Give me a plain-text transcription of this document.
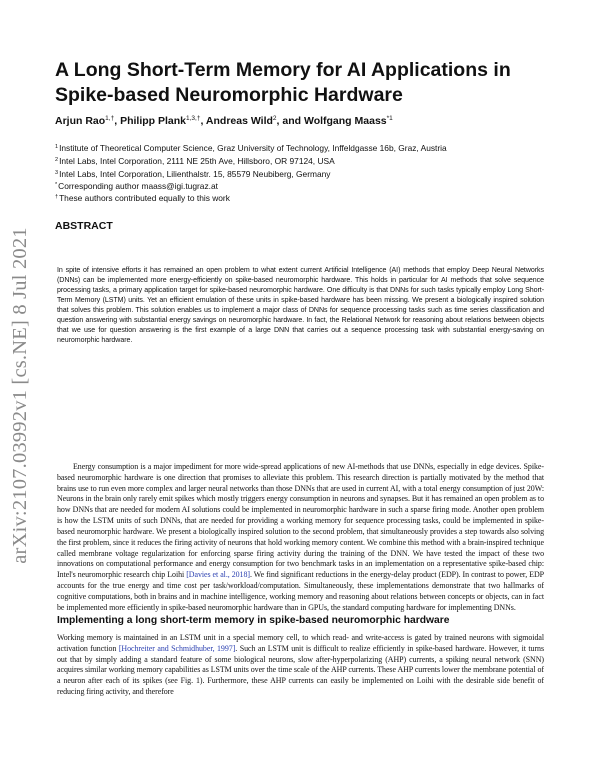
arXiv:2107.03992v1 [cs.NE] 8 Jul 2021
A Long Short-Term Memory for AI Applications in Spike-based Neuromorphic Hardware
Arjun Rao$^{1,\dagger}$, Philipp Plank$^{1,3,\dagger}$, Andreas Wild$^2$, and Wolfgang Maass$^{*1}$
$^1$Institute of Theoretical Computer Science, Graz University of Technology, Inffeldgasse 16b, Graz, Austria
$^2$Intel Labs, Intel Corporation, 2111 NE 25th Ave, Hillsboro, OR 97124, USA
$^3$Intel Labs, Intel Corporation, Lilienthalstr. 15, 85579 Neubiberg, Germany
*Corresponding author maass@igi.tugraz.at
†These authors contributed equally to this work
ABSTRACT

In spite of intensive efforts it has remained an open problem to what extent current Artificial Intelligence (AI) methods that employ Deep Neural Networks (DNNs) can be implemented more energy-efficiently on spike-based neuromorphic hardware. This holds in particular for AI methods that solve sequence processing tasks, a primary application target for spike-based neuromorphic hardware. One difficulty is that DNNs for such tasks typically employ Long Short-Term Memory (LSTM) units. Yet an efficient emulation of these units in spike-based hardware has been missing. We present a biologically inspired solution that solves this problem. This solution enables us to implement a major class of DNNs for sequence processing tasks such as time series classification and question answering with substantial energy savings on neuromorphic hardware. In fact, the Relational Network for reasoning about relations between objects that we use for question answering is the first example of a large DNN that carries out a sequence processing task with substantial energy-saving on neuromorphic hardware.

Energy consumption is a major impediment for more wide-spread applications of new AI-methods that use DNNs, especially in edge devices. Spike-based neuromorphic hardware is one direction that promises to alleviate this problem. This research direction is partially motivated by the method that brains use to run even more complex and larger neural networks than those DNNs that are used in current AI, with a total energy consumption of just 20W: Neurons in the brain only rarely emit spikes which mostly triggers energy consumption in neurons and synapses. But it has remained an open problem as to how DNNs that are needed for modern AI solutions could be implemented in neuromorphic hardware in such a sparse firing mode. Another open problem is how the LSTM units of such DNNs, that are needed for providing a working memory for sequence processing tasks, could be implemented in spike-based neuromorphic hardware. We present a biologically inspired solution to the second problem, that simultaneously provides a step towards also solving the first problem, since it reduces the firing activity of neurons that hold working memory content. We combine this method with a brain-inspired technique called membrane voltage regularization for enforcing sparse firing activity during the training of the DNN. We have tested the impact of these two innovations on computational performance and energy consumption for two benchmark tasks in an implementation on a representative spike-based chip: Intel's neuromorphic research chip Loihi [Davies et al., 2018]. We find significant reductions in the energy-delay product (EDP). In contrast to power, EDP accounts for the true energy and time cost per task/workload/computation. Simultaneously, these implementations demonstrate that two hallmarks of cognitive computations, both in brains and in machine intelligence, working memory and reasoning about relations between concepts or objects, can in fact be implemented more efficiently in spike-based neuromorphic hardware than in GPUs, the standard computing hardware for implementing DNNs.

Implementing a long short-term memory in spike-based neuromorphic hardware

Working memory is maintained in an LSTM unit in a special memory cell, to which read- and write-access is gated by trained neurons with sigmoidal activation function [Hochreiter and Schmidhuber, 1997]. Such an LSTM unit is difficult to realize efficiently in spike-based hardware. However, it turns out that by simply adding a standard feature of some biological neurons, slow after-hyperpolarizing (AHP) currents, a spiking neural network (SNN) acquires similar working memory capabilities as LSTM units over the time scale of the AHP currents. These AHP currents lower the membrane potential of a neuron after each of its spikes (see Fig. 1). Furthermore, these AHP currents can easily be implemented on Loihi with the desirable side benefit of reducing firing activity, and therefore
